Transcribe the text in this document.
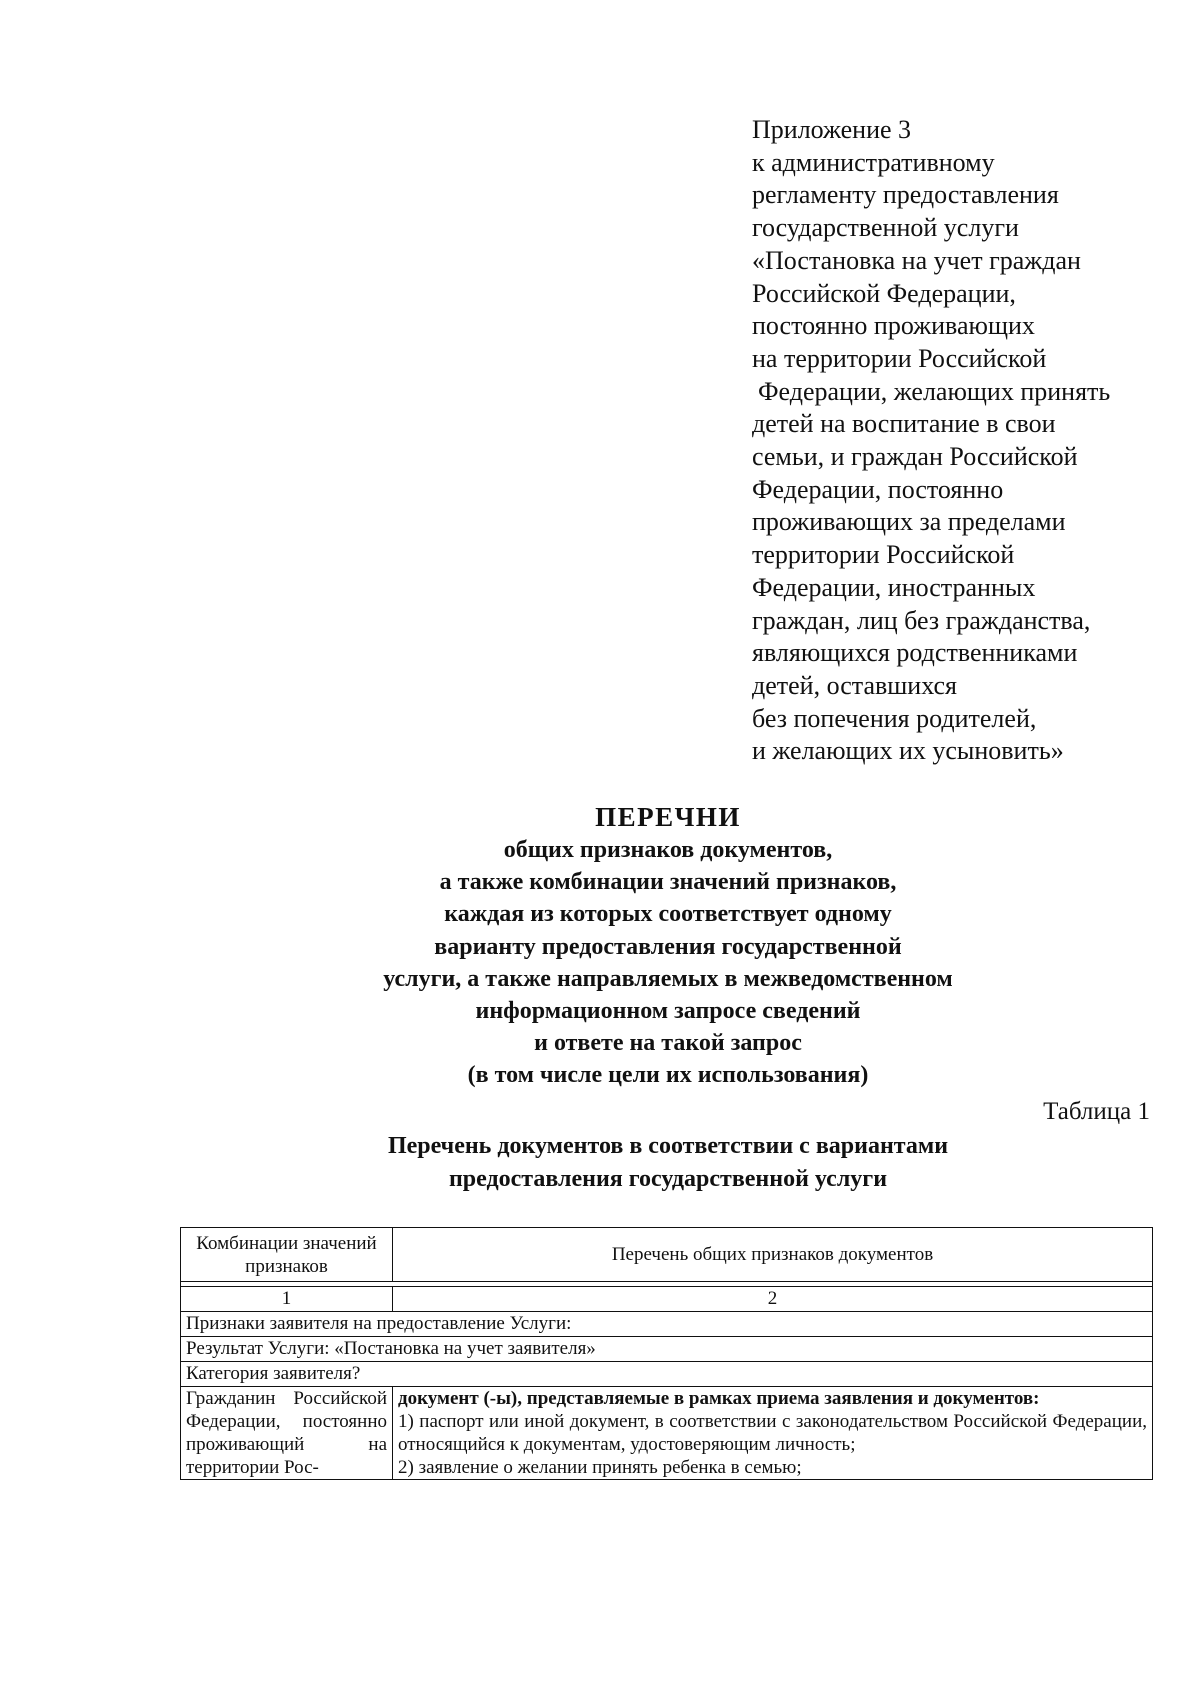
Приложение 3
к административному
регламенту предоставления
государственной услуги
«Постановка на учет граждан
Российской Федерации,
постоянно проживающих
на территории Российской
Федерации, желающих принять
детей на воспитание в свои
семьи, и граждан Российской
Федерации, постоянно
проживающих за пределами
территории Российской
Федерации, иностранных
граждан, лиц без гражданства,
являющихся родственниками
детей, оставшихся
без попечения родителей,
и желающих их усыновить»
ПЕРЕЧНИ
общих признаков документов,
а также комбинации значений признаков,
каждая из которых соответствует одному
варианту предоставления государственной
услуги, а также направляемых в межведомственном
информационном запросе сведений
и ответе на такой запрос
(в том числе цели их использования)
Таблица 1
Перечень документов в соответствии с вариантами
предоставления государственной услуги
Комбинации значений признаков	Перечень общих признаков документов

1	2
Признаки заявителя на предоставление Услуги:	
Результат Услуги: «Постановка на учет заявителя»	
Категория заявителя?	
Гражданин Российской Федерации, постоянно проживающий на территории Рос-	документ (-ы), представляемые в рамках приема заявления и документов:
1) паспорт или иной документ, в соответствии с законодательством Российской Федерации, относящийся к документам, удостоверяющим личность;
2) заявление о желании принять ребенка в семью;
